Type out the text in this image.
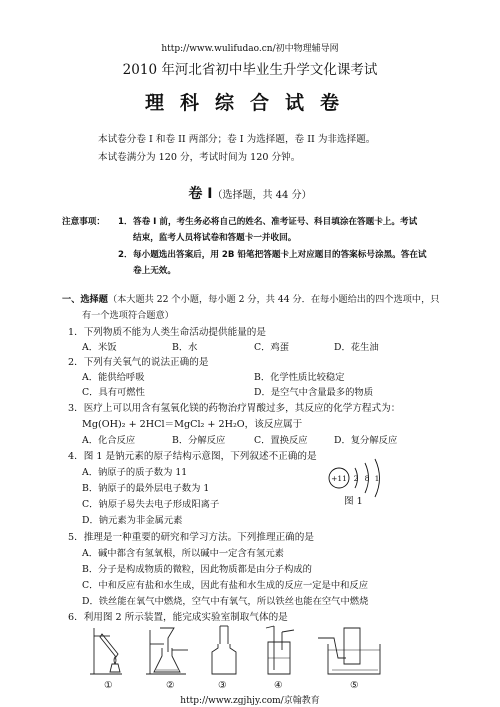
http://www.wulifudao.cn/初中物理辅导网
2010 年河北省初中毕业生升学文化课考试
理科综合试卷
本试卷分卷 I 和卷 II 两部分；卷 I 为选择题，卷 II 为非选择题。
本试卷满分为 120 分，考试时间为 120 分钟。
卷 I（选择题，共 44 分）
注意事项： 1． 答卷 I 前，考生务必将自己的姓名、准考证号、科目填涂在答题卡上。考试
结束，监考人员将试卷和答题卡一并收回。
2． 每小题选出答案后，用 2B 铅笔把答题卡上对应题目的答案标号涂黑。答在试
卷上无效。
一、选择题（本大题共 22 个小题，每小题 2 分，共 44 分．在每小题给出的四个选项中，只
有一个选项符合题意）
1．下列物质不能为人类生命活动提供能量的是
A．米饭	B．水	C．鸡蛋	D．花生油
2．下列有关氧气的说法正确的是
A．能供给呼吸	B．化学性质比较稳定
C．具有可燃性	D．是空气中含量最多的物质
3．医疗上可以用含有氢氧化镁的药物治疗胃酸过多，其反应的化学方程式为：
Mg(OH)₂ + 2HCl＝MgCl₂ + 2H₂O，该反应属于
A．化合反应	B．分解反应	C．置换反应	D．复分解反应
4．图 1 是钠元素的原子结构示意图，下列叙述不正确的是
A．钠原子的质子数为 11
B．钠原子的最外层电子数为 1
C．钠原子易失去电子形成阳离子
D．钠元素为非金属元素
+11 2 8 1
图 1
5．推理是一种重要的研究和学习方法。下列推理正确的是
A．碱中都含有氢氧根，所以碱中一定含有氢元素
B．分子是构成物质的微粒，因此物质都是由分子构成的
C．中和反应有盐和水生成，因此有盐和水生成的反应一定是中和反应
D．铁丝能在氧气中燃烧，空气中有氧气，所以铁丝也能在空气中燃烧
6．利用图 2 所示装置，能完成实验室制取气体的是
①	②	③	④	⑤
http://www.zgjhjy.com/京翰教育
